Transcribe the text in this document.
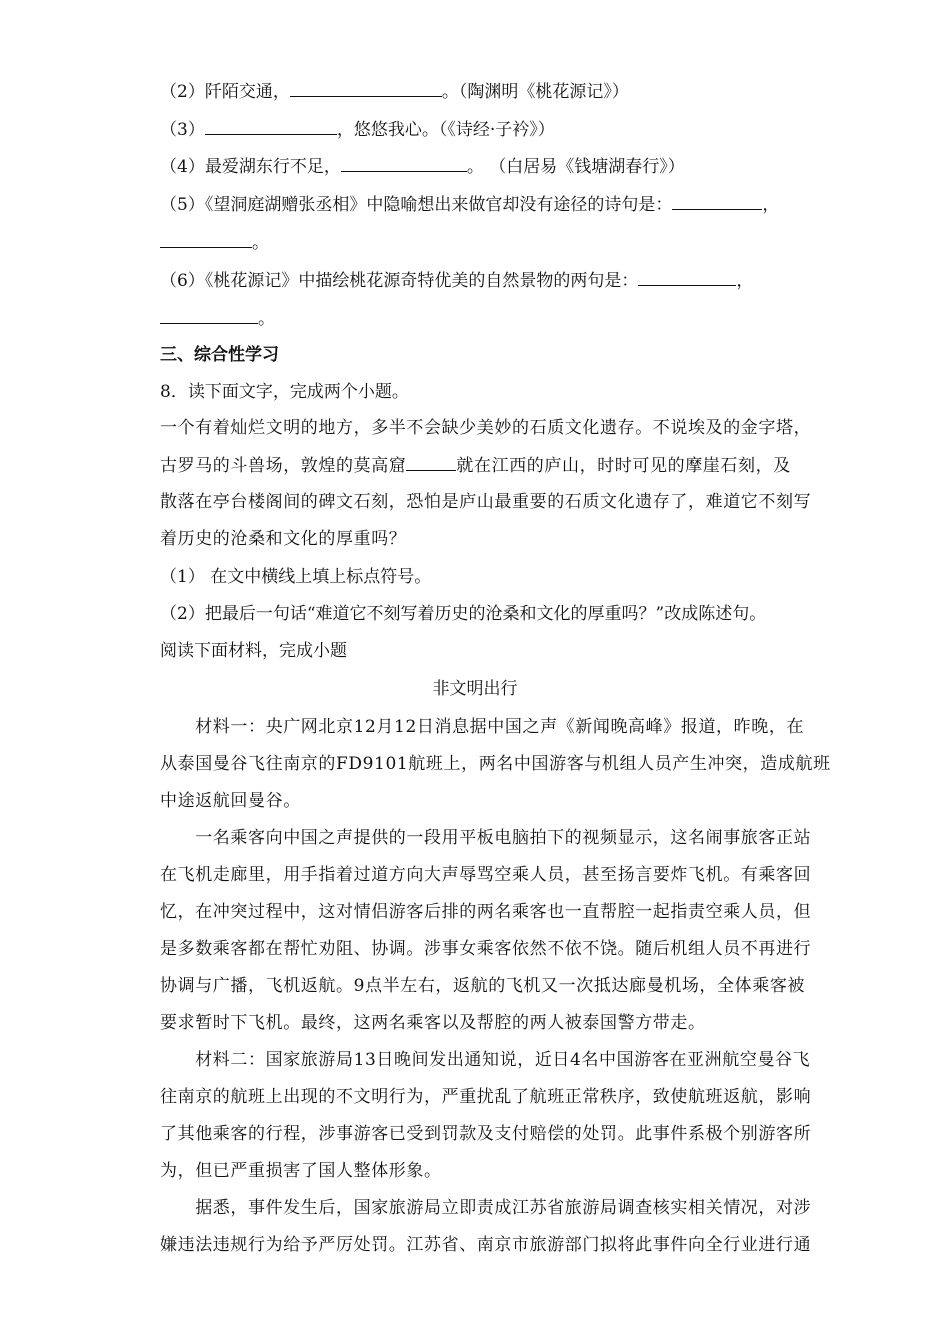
（2）阡陌交通，	。（陶渊明《桃花源记》）
（3）	，悠悠我心。（《诗经·子衿》）
（4）最爱湖东行不足，	。 （白居易《钱塘湖春行》）
（5）《望洞庭湖赠张丞相》中隐喻想出来做官却没有途径的诗句是：	，
。
（6）《桃花源记》中描绘桃花源奇特优美的自然景物的两句是：	，
。
三、综合性学习
8．读下面文字，完成两个小题。
一个有着灿烂文明的地方，多半不会缺少美妙的石质文化遗存。不说埃及的金字塔，
古罗马的斗兽场，敦煌的莫高窟	就在江西的庐山，时时可见的摩崖石刻，及
散落在亭台楼阁间的碑文石刻，恐怕是庐山最重要的石质文化遗存了，难道它不刻写
着历史的沧桑和文化的厚重吗？
（1） 在文中横线上填上标点符号。
（2）把最后一句话“难道它不刻写着历史的沧桑和文化的厚重吗？”改成陈述句。
阅读下面材料，完成小题
非文明出行
　　材料一：央广网北京12月12日消息据中国之声《新闻晚高峰》报道，昨晚，在
从泰国曼谷飞往南京的FD9101航班上，两名中国游客与机组人员产生冲突，造成航班
中途返航回曼谷。
　　一名乘客向中国之声提供的一段用平板电脑拍下的视频显示，这名闹事旅客正站
在飞机走廊里，用手指着过道方向大声辱骂空乘人员，甚至扬言要炸飞机。有乘客回
忆，在冲突过程中，这对情侣游客后排的两名乘客也一直帮腔一起指责空乘人员，但
是多数乘客都在帮忙劝阻、协调。涉事女乘客依然不依不饶。随后机组人员不再进行
协调与广播，飞机返航。9点半左右，返航的飞机又一次抵达廊曼机场，全体乘客被
要求暂时下飞机。最终，这两名乘客以及帮腔的两人被泰国警方带走。
　　材料二：国家旅游局13日晚间发出通知说，近日4名中国游客在亚洲航空曼谷飞
往南京的航班上出现的不文明行为，严重扰乱了航班正常秩序，致使航班返航，影响
了其他乘客的行程，涉事游客已受到罚款及支付赔偿的处罚。此事件系极个别游客所
为，但已严重损害了国人整体形象。
　　据悉，事件发生后，国家旅游局立即责成江苏省旅游局调查核实相关情况，对涉
嫌违法违规行为给予严厉处罚。江苏省、南京市旅游部门拟将此事件向全行业进行通
